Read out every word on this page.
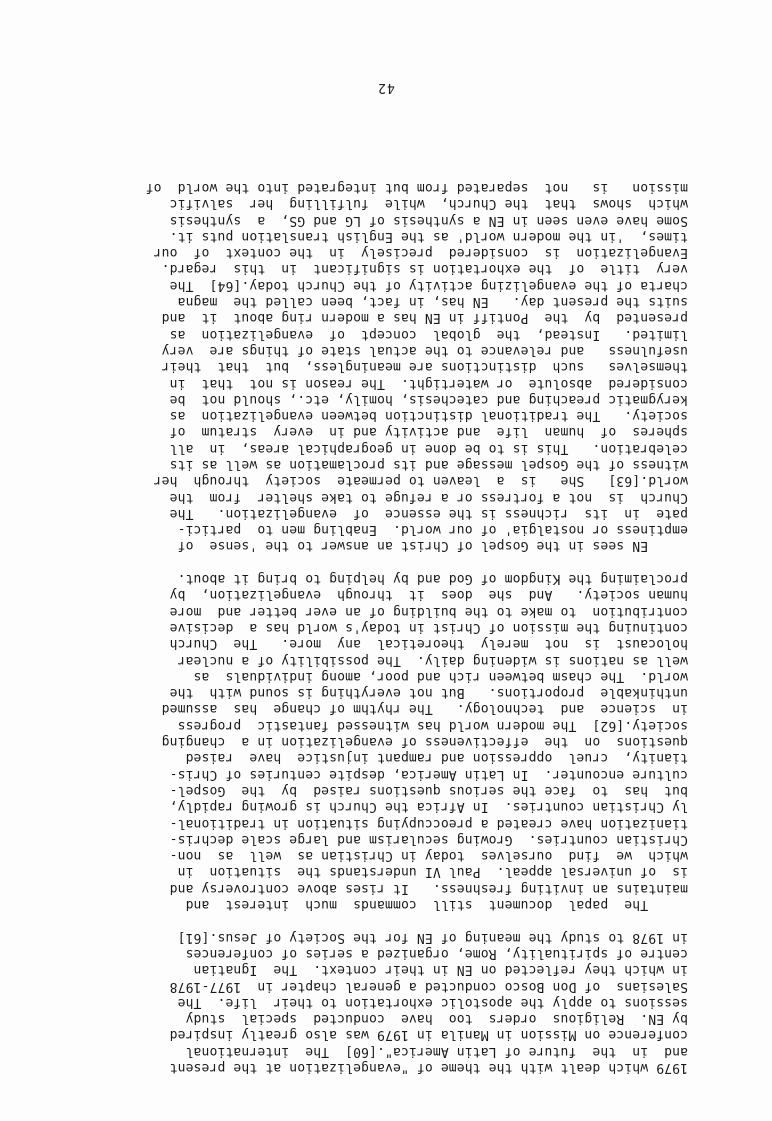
42
1979 which dealt with the theme of "evangelization at the present
and  in  the  future of Latin America".[60]  The  international
conference on Mission in Manila in 1979 was also greatly inspired
by EN.  Religious  orders  too  have  conducted  special  study
sessions to apply the apostolic exhortation to their  life.  The
Salesians  of Don Bosco conducted a general chapter in  1977-1978
in which they reflected on EN in their context.  The  Ignatian
centre of spirituality, Rome, organized a series of conferences
in 1978 to study the meaning of EN for the Society of Jesus.[61]
The  papal  document  still  commands  much  interest  and
maintains an inviting freshness.   It rises above controversy and
is  of universal appeal.  Paul VI understands the  situation  in
which  we  find  ourselves  today in Christian as  well  as  non-
Christian countries.  Growing secularism and large scale dechris-
tianization have created a preoccupying situation in traditional-
ly Christian countries.  In Africa the Church is growing rapidly,
but  has  to  face the serious questions raised  by  the  Gospel-
culture encounter.  In Latin America, despite centuries of Chris-
tianity,  cruel  oppression and rampant injustice  have  raised
questions  on  the  effectiveness of evangelization in a  changing
society.[62]  The modern world has witnessed fantastic  progress
in  science  and  technology.   The rhythm of change  has  assumed
unthinkable  proportions.   But not everything is sound with  the
world.  The chasm between rich and poor, among individuals  as
well as nations is widening daily.  The possibility of a nuclear
holocaust  is  not  merely  theoretical  any  more.   The  Church
continuing the mission of Christ in today's world has a  decisive
contribution  to make to the building of an ever better and  more
human society.   And  she  does  it  through  evangelization,  by
proclaiming the Kingdom of God and by helping to bring it about.
EN sees in the Gospel of Christ an answer to the 'sense  of
emptiness or nostalgia' of our world.  Enabling men to  partici-
pate  in  its  richness is the essence  of  evangelization.   The
Church  is  not a fortress or a refuge to take shelter  from  the
world.[63]   She   is  a  leaven to permeate  society  through  her
witness of the Gospel message and its proclamation as well as its
celebration.   This is to be done in geographical areas,  in  all
spheres  of  human  life  and activity and in  every  stratum  of
society.   The traditional distinction between evangelization  as
kerygmatic preaching and catechesis, homily, etc., should not  be
considered  absolute  or watertight.  The reason is not  that  in
themselves   such  distinctions are meaningless,  but  that  their
usefulness   and relevance to the actual state of things are  very
limited.   Instead,  the  global  concept  of  evangelization  as
presented  by  the  Pontiff in EN has a modern ring about  it  and
suits the present day.   EN has, in fact, been called the  magna
charta of the evangelizing activity of the Church today.[64]  The
very  title  of  the exhortation is significant  in  this  regard.
Evangelization  is  considered  precisely  in  the context  of  our
times,  'in the modern world' as the English translation puts it.
Some have even seen in EN a synthesis of LG and GS,  a  synthesis
which  shows  that  the Church,  while  fulfilling  her  salvific
mission   is   not  separated from but integrated into the world  of
